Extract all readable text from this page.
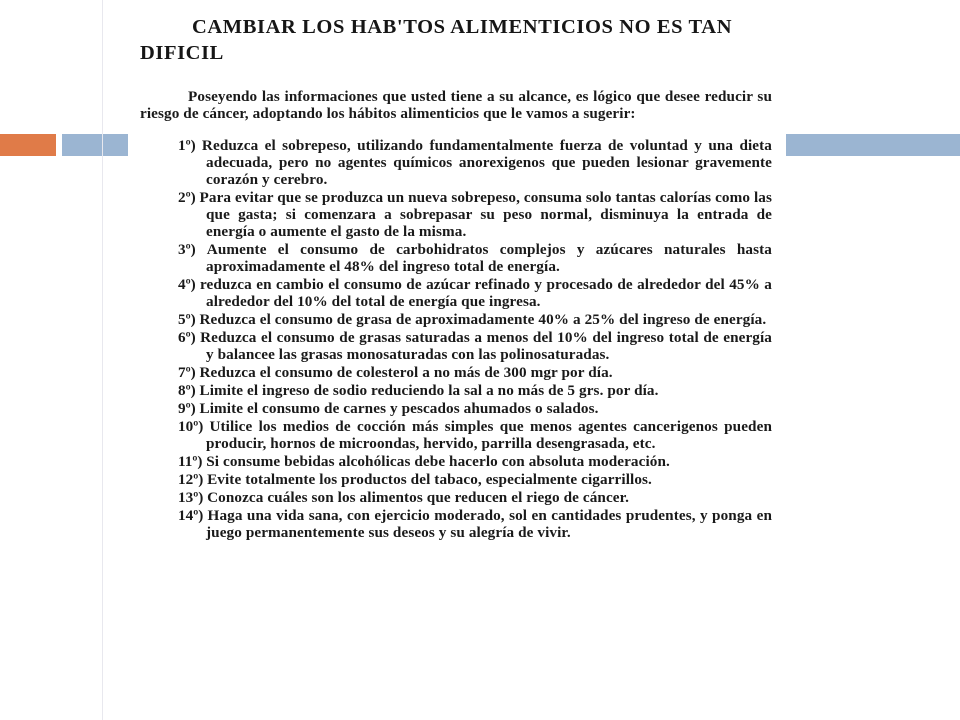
CAMBIAR LOS HAB'TOS ALIMENTICIOS NO ES TAN
DIFICIL

Poseyendo las informaciones que usted tiene a su alcance, es lógico que desee reducir su riesgo de cáncer, adoptando los hábitos alimenticios que le vamos a sugerir:

1º) Reduzca el sobrepeso, utilizando fundamentalmente fuerza de voluntad y una dieta adecuada, pero no agentes químicos anorexigenos que pueden lesionar gravemente corazón y cerebro.
2º) Para evitar que se produzca un nueva sobrepeso, consuma solo tantas calorías como las que gasta; si comenzara a sobrepasar su peso normal, disminuya la entrada de energía o aumente el gasto de la misma.
3º) Aumente el consumo de carbohidratos complejos y azúcares naturales hasta aproximadamente el 48% del ingreso total de energía.
4º) reduzca en cambio el consumo de azúcar refinado y procesado de alrededor del 45% a alrededor del 10% del total de energía que ingresa.
5º) Reduzca el consumo de grasa de aproximadamente 40% a 25% del ingreso de energía.
6º) Reduzca el consumo de grasas saturadas a menos del 10% del ingreso total de energía y balancee las grasas monosaturadas con las polinosaturadas.
7º) Reduzca el consumo de colesterol a no más de 300 mgr por día.
8º) Limite el ingreso de sodio reduciendo la sal a no más de 5 grs. por día.
9º) Limite el consumo de carnes y pescados ahumados o salados.
10º) Utilice los medios de cocción más simples que menos agentes cancerigenos pueden producir, hornos de microondas, hervido, parrilla desengrasada, etc.
11º) Si consume bebidas alcohólicas debe hacerlo con absoluta moderación.
12º) Evite totalmente los productos del tabaco, especialmente cigarrillos.
13º) Conozca cuáles son los alimentos que reducen el riego de cáncer.
14º) Haga una vida sana, con ejercicio moderado, sol en cantidades prudentes, y ponga en juego permanentemente sus deseos y su alegría de vivir.
